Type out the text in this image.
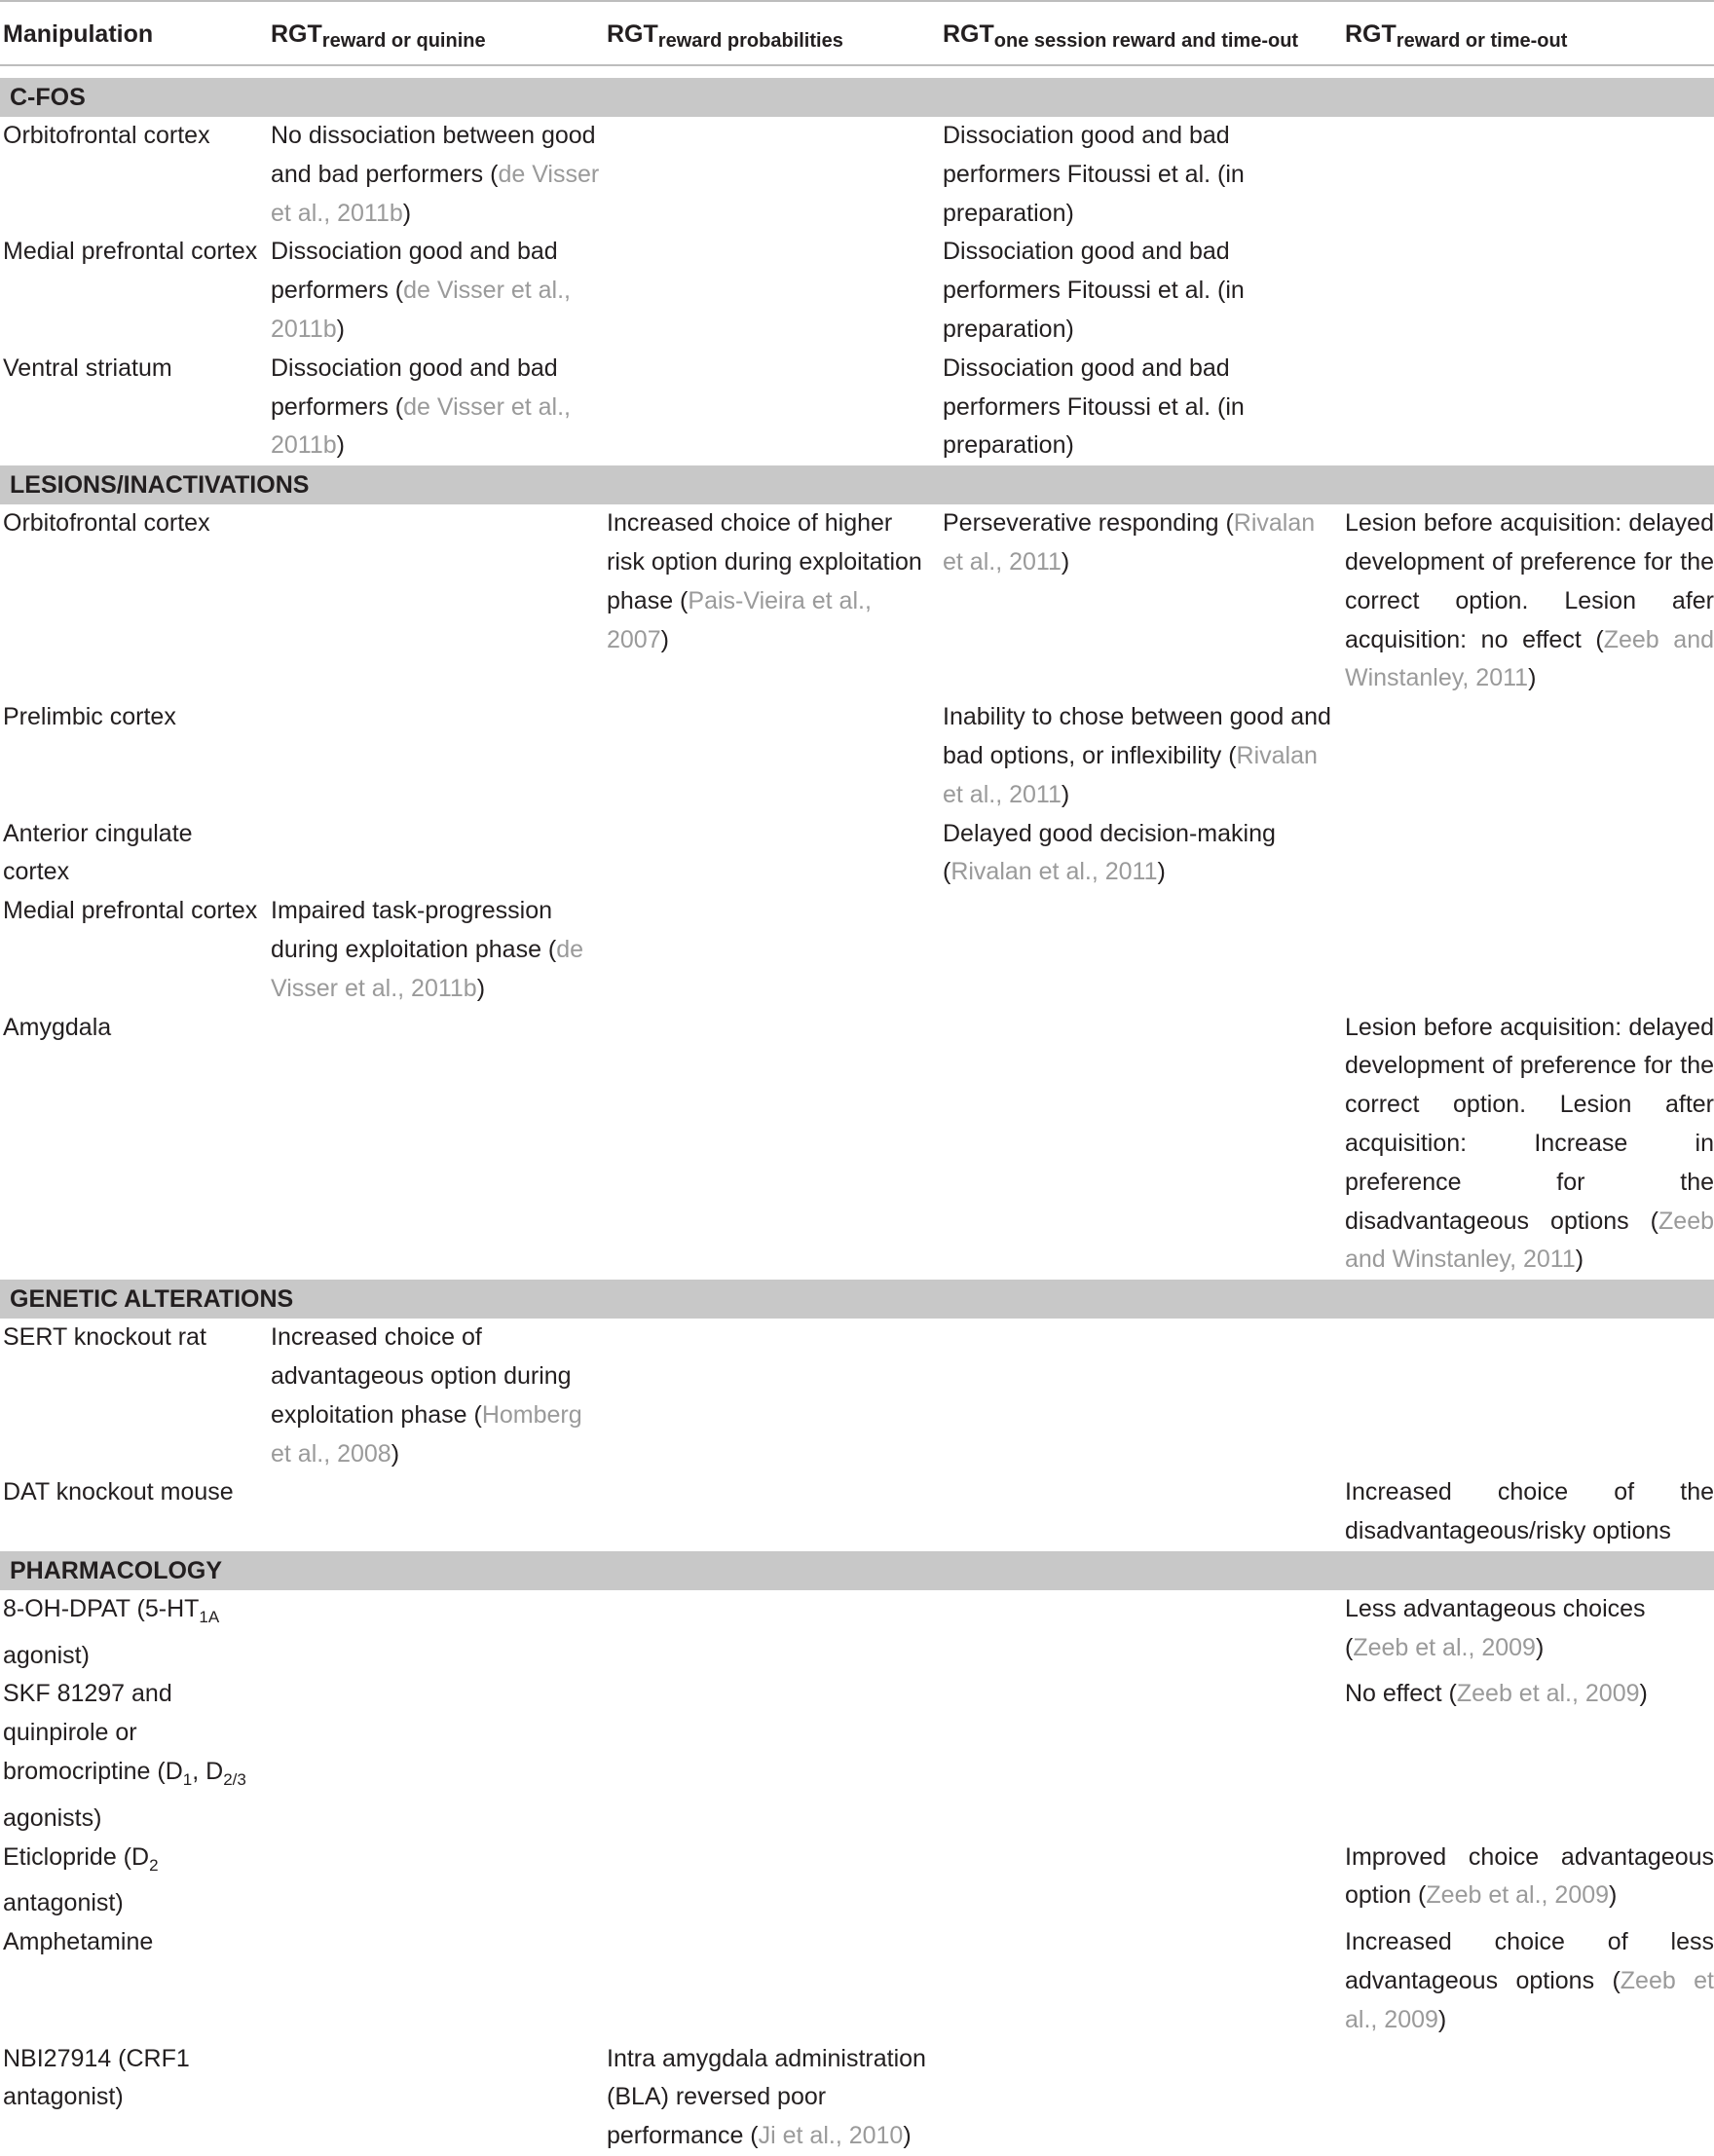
Manipulation	$RGT_{reward or quinine}$	$RGT_{reward probabilities}$	$RGT_{one session reward and time-out}$	$RGT_{reward or time-out}$

C-FOS				
Orbitofrontal cortex	No dissociation between good and bad performers (de Visser et al., 2011b)		Dissociation good and bad performers Fitoussi et al. (in preparation)	
Medial prefrontal cortex	Dissociation good and bad performers (de Visser et al., 2011b)		Dissociation good and bad performers Fitoussi et al. (in preparation)	
Ventral striatum	Dissociation good and bad performers (de Visser et al., 2011b)		Dissociation good and bad performers Fitoussi et al. (in preparation)	
LESIONS/INACTIVATIONS				
Orbitofrontal cortex		Increased choice of higher risk option during exploitation phase (Pais-Vieira et al., 2007)	Perseverative responding (Rivalan et al., 2011)	Lesion before acquisition: delayed development of preference for the correct option. Lesion afer acquisition: no effect (Zeeb and Winstanley, 2011)
Prelimbic cortex			Inability to chose between good and bad options, or inflexibility (Rivalan et al., 2011)	
Anterior cingulate cortex			Delayed good decision-making (Rivalan et al., 2011)	
Medial prefrontal cortex	Impaired task-progression during exploitation phase (de Visser et al., 2011b)			
Amygdala				Lesion before acquisition: delayed development of preference for the correct option. Lesion after acquisition: Increase in preference for the disadvantageous options (Zeeb and Winstanley, 2011)
GENETIC ALTERATIONS				
SERT knockout rat	Increased choice of advantageous option during exploitation phase (Homberg et al., 2008)			
DAT knockout mouse				Increased choice of the disadvantageous/risky options
PHARMACOLOGY				
8-OH-DPAT ($5-HT_{1A}$ agonist)				Less advantageous choices (Zeeb et al., 2009)
SKF 81297 and quinpirole or bromocriptine ($D_1$, $D_{2/3}$ agonists)				No effect (Zeeb et al., 2009)
Eticlopride ($D_2$ antagonist)				Improved choice advantageous option (Zeeb et al., 2009)
Amphetamine				Increased choice of less advantageous options (Zeeb et al., 2009)
NBI27914 (CRF1 antagonist)		Intra amygdala administration (BLA) reversed poor performance (Ji et al., 2010)		
